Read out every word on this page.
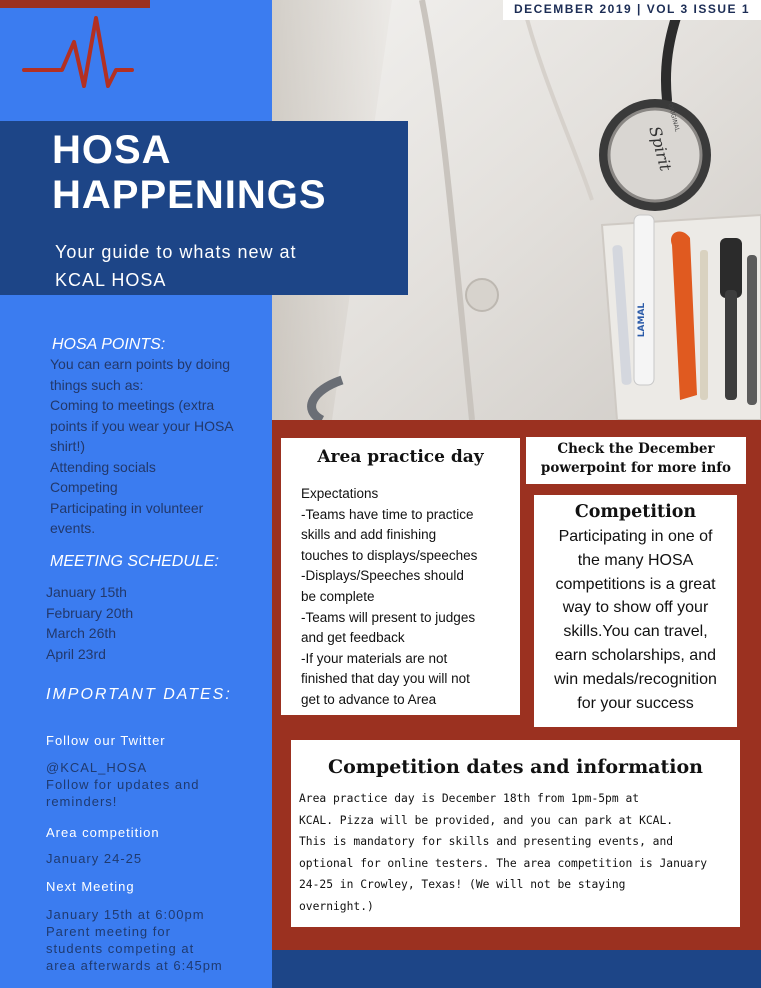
Spirit
ORIGINAL
LAMAL
DECEMBER 2019 | VOL 3 ISSUE 1
HOSA
HAPPENINGS
Your guide to whats new at
KCAL HOSA
HOSA POINTS:
You can earn points by doing
things such as:
Coming to meetings (extra
points if you wear your HOSA
shirt!)
Attending socials
Competing
Participating in volunteer
events.
MEETING SCHEDULE:
January 15th
February 20th
March 26th
April 23rd
IMPORTANT DATES:
Follow our Twitter
@KCAL_HOSA
Follow for updates and
reminders!
Area competition
January 24-25
Next Meeting
January 15th at 6:00pm
Parent meeting for
students competing at
area afterwards at 6:45pm
Area practice day
Expectations
-Teams have time to practice
skills and add finishing
touches to displays/speeches
-Displays/Speeches should
be complete
-Teams will present to judges
and get feedback
-If your materials are not
finished that day you will not
get to advance to Area
Check the December
powerpoint for more info
Competition
Participating in one of
the many HOSA
competitions is a great
way to show off your
skills.You can travel,
earn scholarships, and
win medals/recognition
for your success
Competition dates and information
Area practice day is December 18th from 1pm-5pm at
KCAL. Pizza will be provided, and you can park at KCAL.
This is mandatory for skills and presenting events, and
optional for online testers. The area competition is January
24-25 in Crowley, Texas! (We will not be staying
overnight.)
